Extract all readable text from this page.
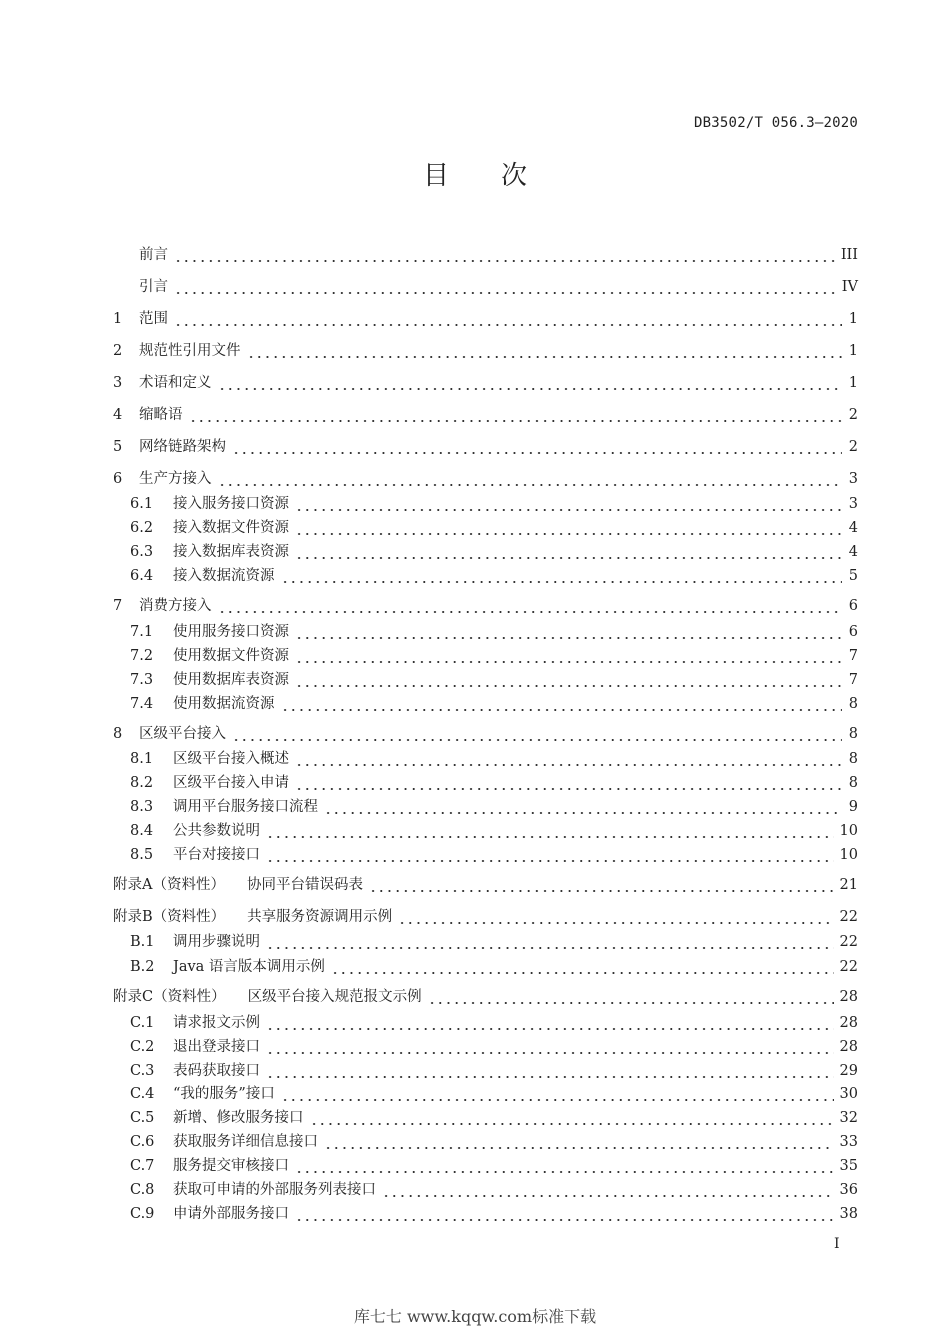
DB3502/T 056.3—2020
目次
前言	III
引言	IV
1	范围	1
2	规范性引用文件	1
3	术语和定义	1
4	缩略语	2
5	网络链路架构	2
6	生产方接入	3
6.1	接入服务接口资源	3
6.2	接入数据文件资源	4
6.3	接入数据库表资源	4
6.4	接入数据流资源	5
7	消费方接入	6
7.1	使用服务接口资源	6
7.2	使用数据文件资源	7
7.3	使用数据库表资源	7
7.4	使用数据流资源	8
8	区级平台接入	8
8.1	区级平台接入概述	8
8.2	区级平台接入申请	8
8.3	调用平台服务接口流程	9
8.4	公共参数说明	10
8.5	平台对接接口	10
附录A（资料性） 协同平台错误码表	21
附录B（资料性） 共享服务资源调用示例	22
B.1	调用步骤说明	22
B.2	Java 语言版本调用示例	22
附录C（资料性） 区级平台接入规范报文示例	28
C.1	请求报文示例	28
C.2	退出登录接口	28
C.3	表码获取接口	29
C.4	“我的服务”接口	30
C.5	新增、修改服务接口	32
C.6	获取服务详细信息接口	33
C.7	服务提交审核接口	35
C.8	获取可申请的外部服务列表接口	36
C.9	申请外部服务接口	38
I
库七七 www.kqqw.com标准下载
